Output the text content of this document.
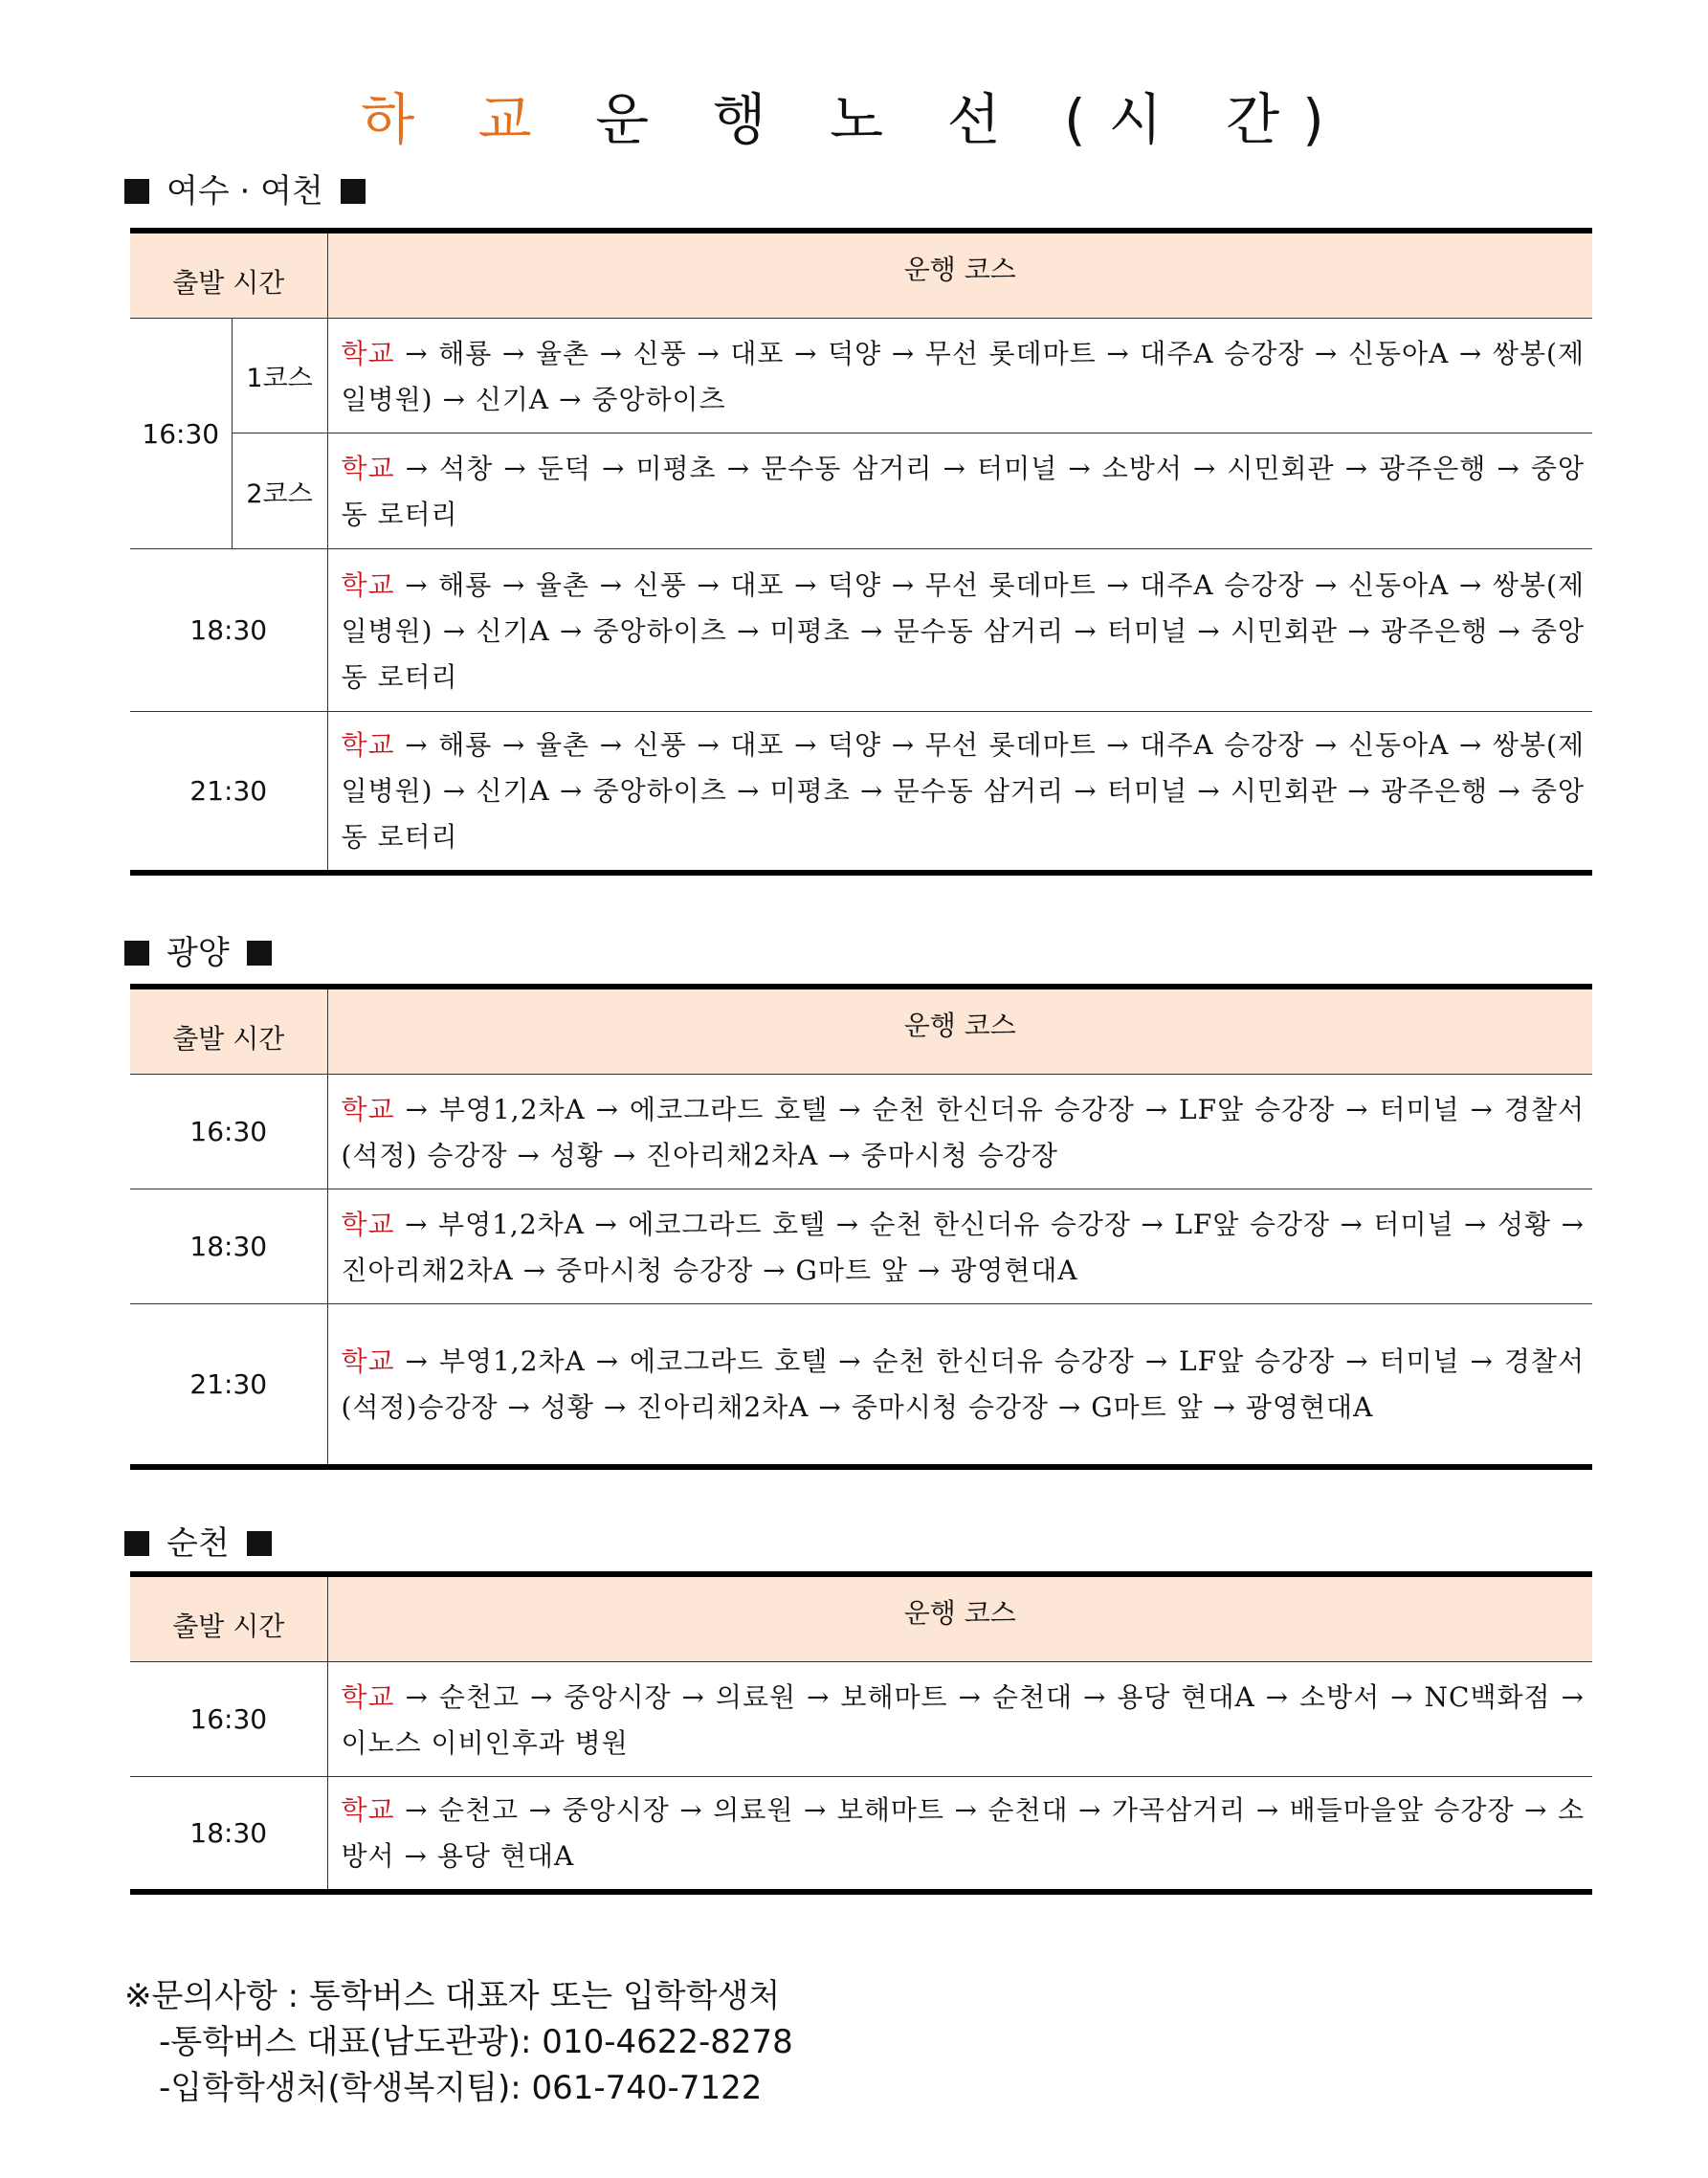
하 교 운 행 노 선 (시 간)
여수 · 여천
출발 시간		운행 코스
16:30	1코스	학교 → 해룡 → 율촌 → 신풍 → 대포 → 덕양 → 무선 롯데마트 → 대주A 승강장 → 신동아A → 쌍봉(제일병원) → 신기A → 중앙하이츠
	2코스	학교 → 석창 → 둔덕 → 미평초 → 문수동 삼거리 → 터미널 → 소방서 → 시민회관 → 광주은행 → 중앙동 로터리
18:30		학교 → 해룡 → 율촌 → 신풍 → 대포 → 덕양 → 무선 롯데마트 → 대주A 승강장 → 신동아A → 쌍봉(제일병원) → 신기A → 중앙하이츠 → 미평초 → 문수동 삼거리 → 터미널 → 시민회관 → 광주은행 → 중앙동 로터리
21:30		학교 → 해룡 → 율촌 → 신풍 → 대포 → 덕양 → 무선 롯데마트 → 대주A 승강장 → 신동아A → 쌍봉(제일병원) → 신기A → 중앙하이츠 → 미평초 → 문수동 삼거리 → 터미널 → 시민회관 → 광주은행 → 중앙동 로터리
광양
출발 시간	운행 코스
16:30	학교 → 부영1,2차A → 에코그라드 호텔 → 순천 한신더유 승강장 → LF앞 승강장 → 터미널 → 경찰서(석정) 승강장 → 성황 → 진아리채2차A → 중마시청 승강장
18:30	학교 → 부영1,2차A → 에코그라드 호텔 → 순천 한신더유 승강장 → LF앞 승강장 → 터미널 → 성황 → 진아리채2차A → 중마시청 승강장 → G마트 앞 → 광영현대A
21:30	학교 → 부영1,2차A → 에코그라드 호텔 → 순천 한신더유 승강장 → LF앞 승강장 → 터미널 → 경찰서(석정)승강장 → 성황 → 진아리채2차A → 중마시청 승강장 → G마트 앞 → 광영현대A
순천
출발 시간	운행 코스
16:30	학교 → 순천고 → 중앙시장 → 의료원 → 보해마트 → 순천대 → 용당 현대A → 소방서 → NC백화점 → 이노스 이비인후과 병원
18:30	학교 → 순천고 → 중앙시장 → 의료원 → 보해마트 → 순천대 → 가곡삼거리 → 배들마을앞 승강장 → 소방서 → 용당 현대A
※문의사항 : 통학버스 대표자 또는 입학학생처
-통학버스 대표(남도관광): 010-4622-8278
-입학학생처(학생복지팀): 061-740-7122
